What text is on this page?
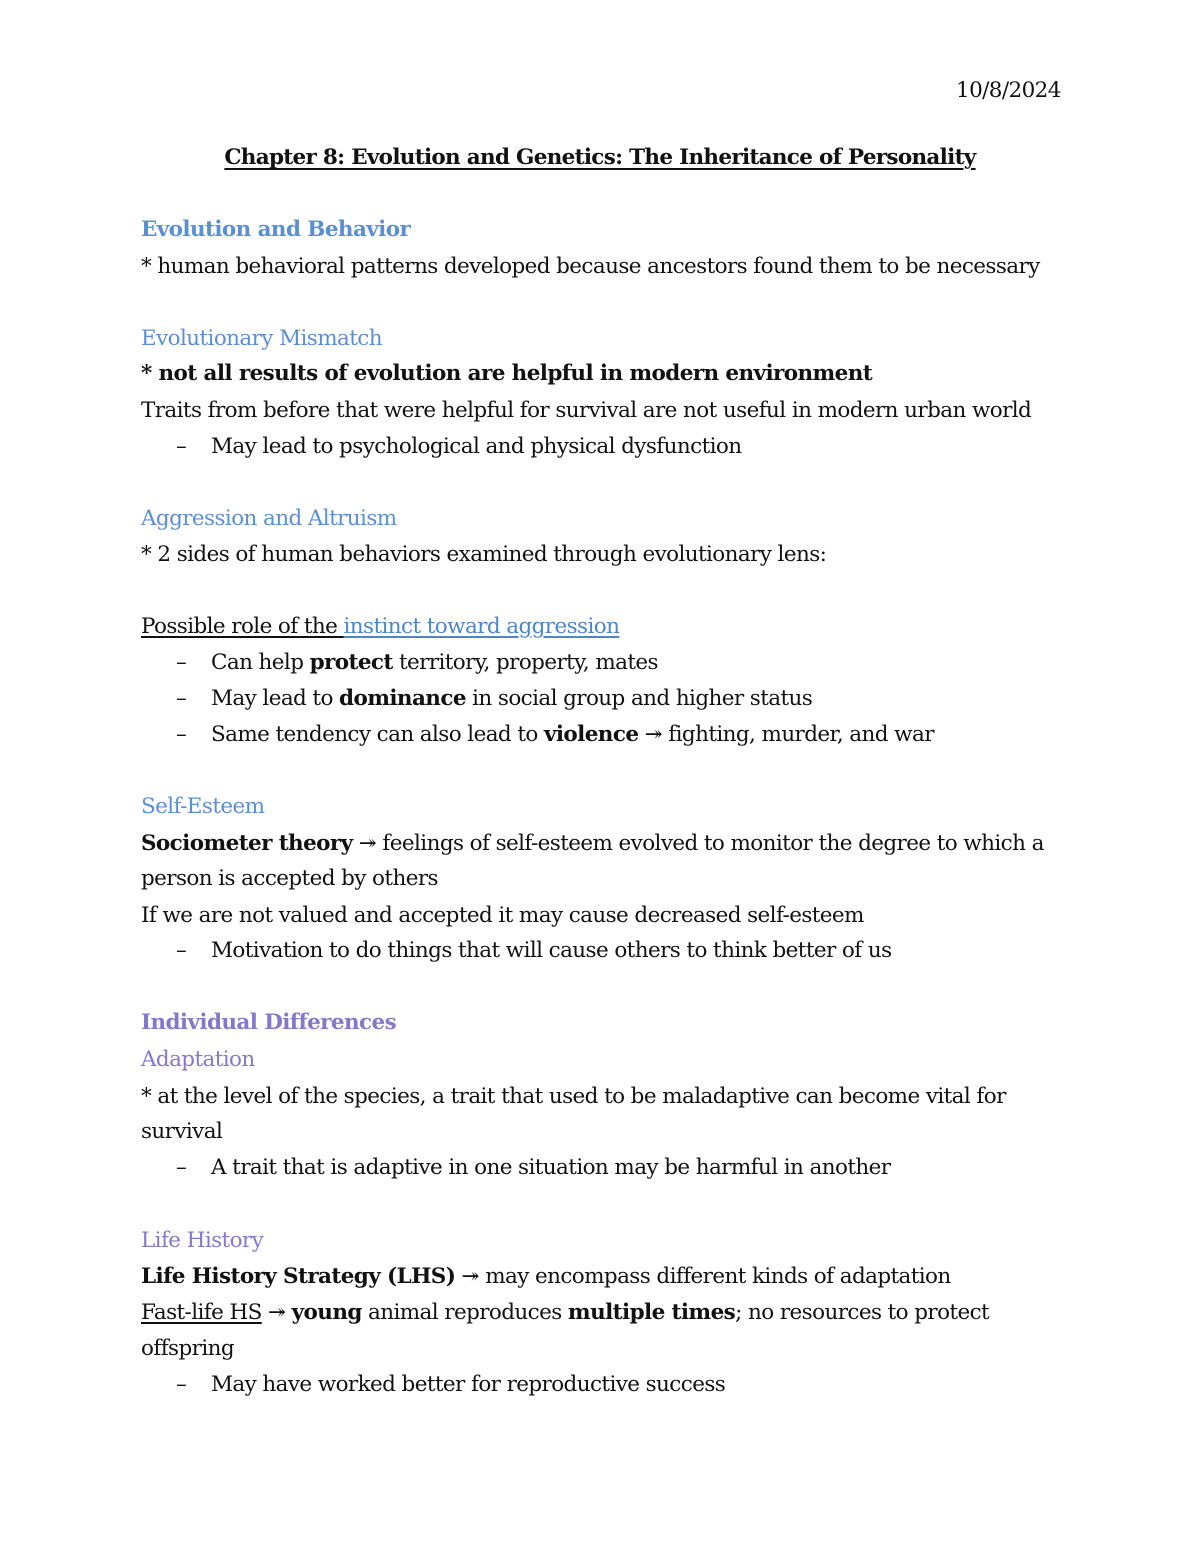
10/8/2024
Chapter 8: Evolution and Genetics: The Inheritance of Personality
Evolution and Behavior
* human behavioral patterns developed because ancestors found them to be necessary
Evolutionary Mismatch
* not all results of evolution are helpful in modern environment
Traits from before that were helpful for survival are not useful in modern urban world
– May lead to psychological and physical dysfunction
Aggression and Altruism
* 2 sides of human behaviors examined through evolutionary lens:
Possible role of the instinct toward aggression
– Can help protect territory, property, mates
– May lead to dominance in social group and higher status
– Same tendency can also lead to violence ↠ fighting, murder, and war
Self-Esteem
Sociometer theory ↠ feelings of self-esteem evolved to monitor the degree to which a
person is accepted by others
If we are not valued and accepted it may cause decreased self-esteem
– Motivation to do things that will cause others to think better of us
Individual Differences
Adaptation
* at the level of the species, a trait that used to be maladaptive can become vital for
survival
– A trait that is adaptive in one situation may be harmful in another
Life History
Life History Strategy (LHS) ↠ may encompass different kinds of adaptation
Fast-life HS ↠ young animal reproduces multiple times; no resources to protect
offspring
– May have worked better for reproductive success
